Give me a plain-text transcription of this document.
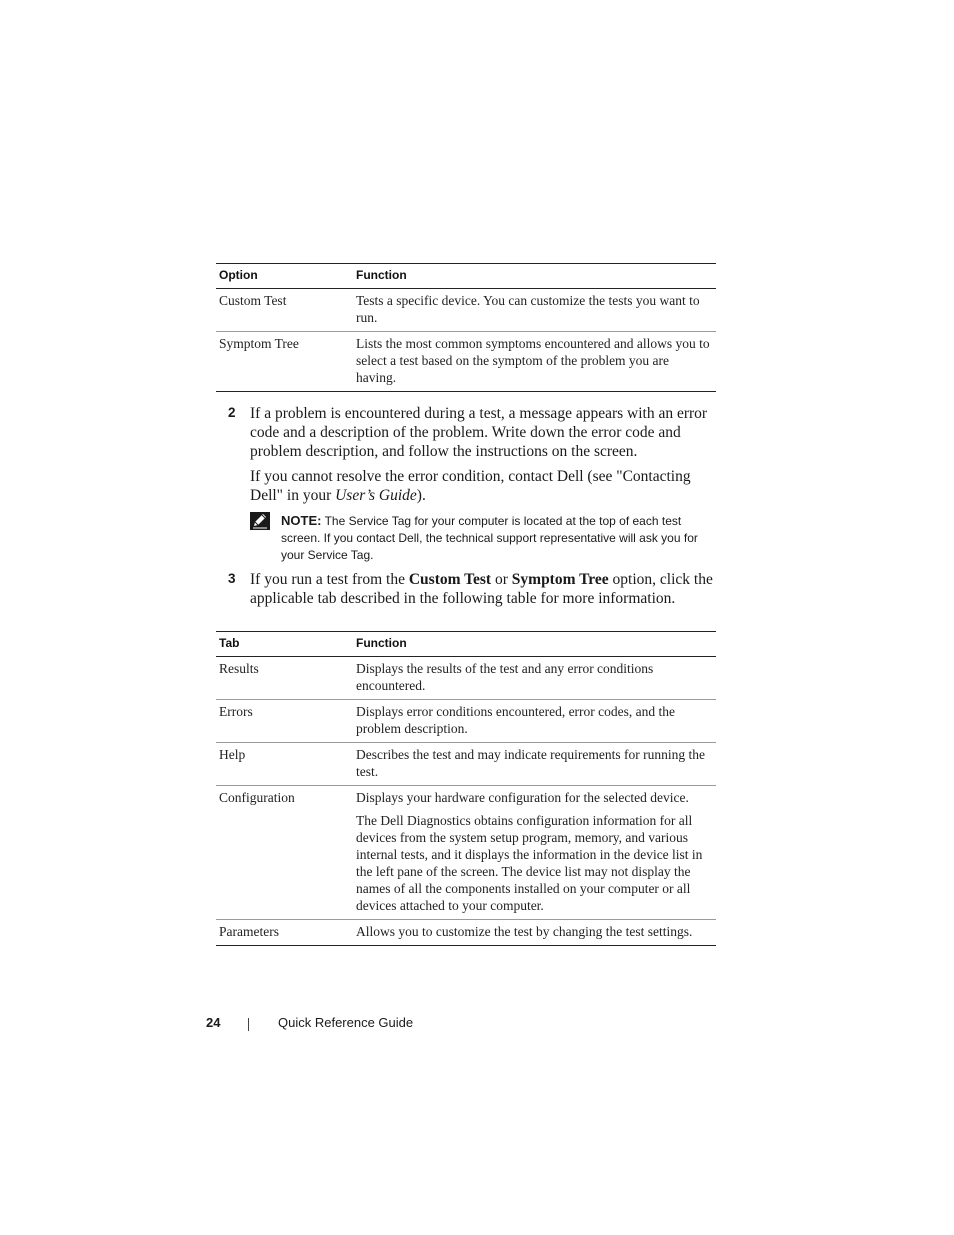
Option	Function
Custom Test	Tests a specific device. You can customize the tests you want to run.
Symptom Tree	Lists the most common symptoms encountered and allows you to select a test based on the symptom of the problem you are having.
2 If a problem is encountered during a test, a message appears with an error code and a description of the problem. Write down the error code and problem description, and follow the instructions on the screen.

If you cannot resolve the error condition, contact Dell (see "Contacting Dell" in your User’s Guide).

NOTE: The Service Tag for your computer is located at the top of each test screen. If you contact Dell, the technical support representative will ask you for your Service Tag.
3 If you run a test from the Custom Test or Symptom Tree option, click the applicable tab described in the following table for more information.

Tab	Function
Results	Displays the results of the test and any error conditions encountered.

Errors	Displays error conditions encountered, error codes, and the problem description.

Help	Describes the test and may indicate requirements for running the test.

Configuration	Displays your hardware configuration for the selected device.

The Dell Diagnostics obtains configuration information for all devices from the system setup program, memory, and various internal tests, and it displays the information in the device list in the left pane of the screen. The device list may not display the names of all the components installed on your computer or all devices attached to your computer.

Parameters	Allows you to customize the test by changing the test settings.

24	Quick Reference Guide
